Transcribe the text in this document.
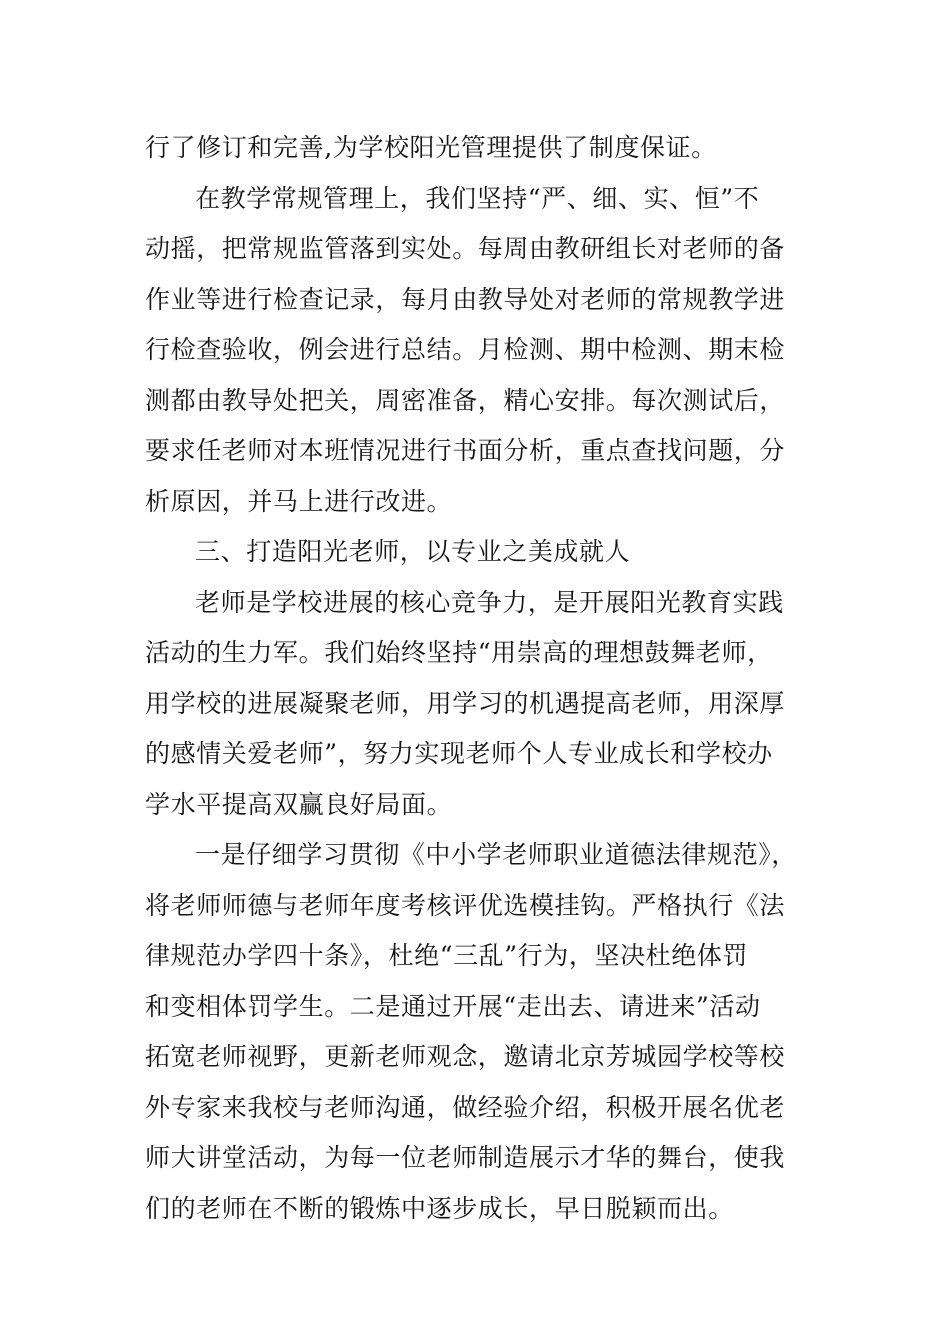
行了修订和完善,为学校阳光管理提供了制度保证。
在教学常规管理上，我们坚持“严、细、实、恒”不
动摇，把常规监管落到实处。每周由教研组长对老师的备
作业等进行检查记录，每月由教导处对老师的常规教学进
行检查验收，例会进行总结。月检测、期中检测、期末检
测都由教导处把关，周密准备，精心安排。每次测试后，
要求任老师对本班情况进行书面分析，重点查找问题，分
析原因，并马上进行改进。
三、打造阳光老师，以专业之美成就人
老师是学校进展的核心竞争力，是开展阳光教育实践
活动的生力军。我们始终坚持“用崇高的理想鼓舞老师，
用学校的进展凝聚老师，用学习的机遇提高老师，用深厚
的感情关爱老师”，努力实现老师个人专业成长和学校办
学水平提高双赢良好局面。
一是仔细学习贯彻《中小学老师职业道德法律规范》，
将老师师德与老师年度考核评优选模挂钩。严格执行《法
律规范办学四十条》，杜绝“三乱”行为，坚决杜绝体罚
和变相体罚学生。二是通过开展“走出去、请进来”活动
拓宽老师视野，更新老师观念，邀请北京芳城园学校等校
外专家来我校与老师沟通，做经验介绍，积极开展名优老
师大讲堂活动，为每一位老师制造展示才华的舞台，使我
们的老师在不断的锻炼中逐步成长，早日脱颖而出。
